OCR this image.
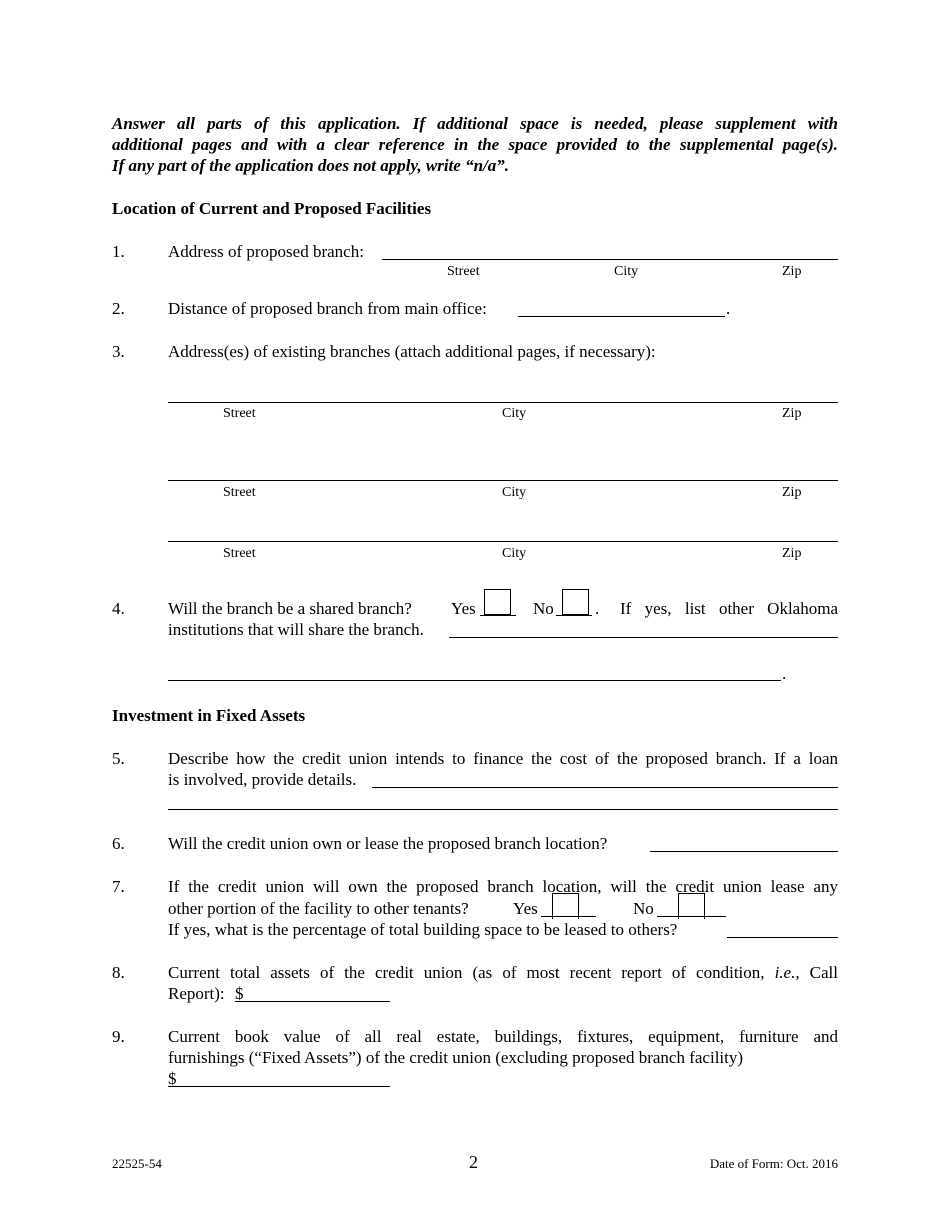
Answer all parts of this application. If additional space is needed, please supplement with
additional pages and with a clear reference in the space provided to the supplemental page(s).
If any part of the application does not apply, write “n/a”.
Location of Current and Proposed Facilities
1.	Address of proposed branch:
Street	City	Zip
2.	Distance of proposed branch from main office:	.
3.	Address(es) of existing branches (attach additional pages, if necessary):
Street	City	Zip
Street	City	Zip
Street	City	Zip
4.	Will the branch be a shared branch? Yes	No . If yes, list other Oklahoma
institutions that will share the branch.
.
Investment in Fixed Assets
5.	Describe how the credit union intends to finance the cost of the proposed branch. If a loan
is involved, provide details.
6.	Will the credit union own or lease the proposed branch location?
7.	If the credit union will own the proposed branch location, will the credit union lease any
other portion of the facility to other tenants?	Yes	No
If yes, what is the percentage of total building space to be leased to others?
8.	Current total assets of the credit union (as of most recent report of condition, i.e., Call
Report): $
9.	Current book value of all real estate, buildings, fixtures, equipment, furniture and
furnishings (“Fixed Assets”) of the credit union (excluding proposed branch facility)
$
22525-54	2	Date of Form: Oct. 2016
